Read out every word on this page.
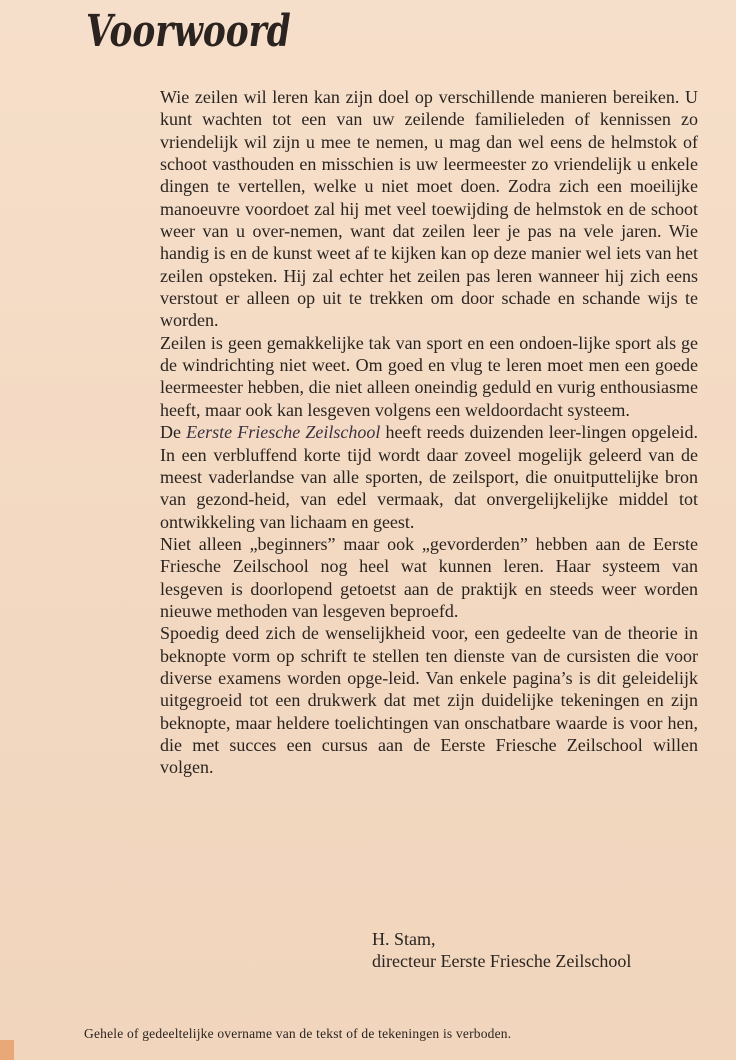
Voorwoord

Wie zeilen wil leren kan zijn doel op verschillende manieren bereiken. U kunt wachten tot een van uw zeilende familieleden of kennissen zo vriendelijk wil zijn u mee te nemen, u mag dan wel eens de helmstok of schoot vasthouden en misschien is uw leermeester zo vriendelijk u enkele dingen te vertellen, welke u niet moet doen. Zodra zich een moeilijke manoeuvre voordoet zal hij met veel toewijding de helmstok en de schoot weer van u over-nemen, want dat zeilen leer je pas na vele jaren. Wie handig is en de kunst weet af te kijken kan op deze manier wel iets van het zeilen opsteken. Hij zal echter het zeilen pas leren wanneer hij zich eens verstout er alleen op uit te trekken om door schade en schande wijs te worden.

Zeilen is geen gemakkelijke tak van sport en een ondoen-lijke sport als ge de windrichting niet weet. Om goed en vlug te leren moet men een goede leermeester hebben, die niet alleen oneindig geduld en vurig enthousiasme heeft, maar ook kan lesgeven volgens een weldoordacht systeem.

De Eerste Friesche Zeilschool heeft reeds duizenden leer-lingen opgeleid. In een verbluffend korte tijd wordt daar zoveel mogelijk geleerd van de meest vaderlandse van alle sporten, de zeilsport, die onuitputtelijke bron van gezond-heid, van edel vermaak, dat onvergelijkelijke middel tot ontwikkeling van lichaam en geest.

Niet alleen „beginners” maar ook „gevorderden” hebben aan de Eerste Friesche Zeilschool nog heel wat kunnen leren. Haar systeem van lesgeven is doorlopend getoetst aan de praktijk en steeds weer worden nieuwe methoden van lesgeven beproefd.

Spoedig deed zich de wenselijkheid voor, een gedeelte van de theorie in beknopte vorm op schrift te stellen ten dienste van de cursisten die voor diverse examens worden opge-leid. Van enkele pagina’s is dit geleidelijk uitgegroeid tot een drukwerk dat met zijn duidelijke tekeningen en zijn beknopte, maar heldere toelichtingen van onschatbare waarde is voor hen, die met succes een cursus aan de Eerste Friesche Zeilschool willen volgen.

H. Stam,
directeur Eerste Friesche Zeilschool
Gehele of gedeeltelijke overname van de tekst of de tekeningen is verboden.
